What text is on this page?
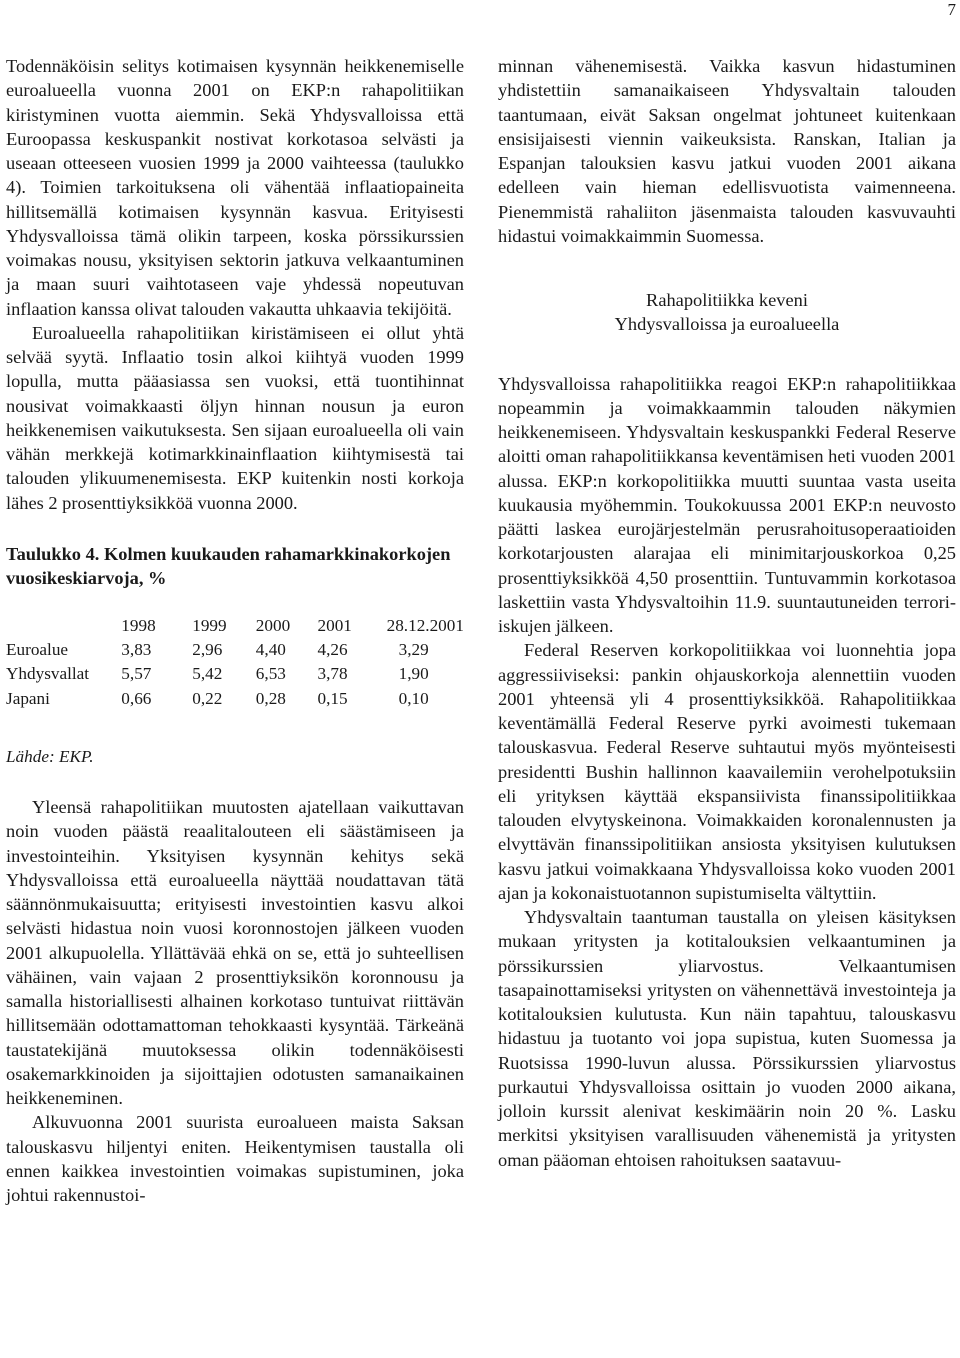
7

Todennäköisin selitys kotimaisen kysynnän heikkenemiselle euroalueella vuonna 2001 on EKP:n rahapolitiikan kiristyminen vuotta aiemmin. Sekä Yhdysvalloissa että Euroopassa keskuspankit nostivat korkotasoa selvästi ja useaan otteeseen vuosien 1999 ja 2000 vaihteessa (taulukko 4). Toimien tarkoituksena oli vähentää inflaatiopaineita hillitsemällä kotimaisen kysynnän kasvua. Erityisesti Yhdysvalloissa tämä olikin tarpeen, koska pörssikurssien voimakas nousu, yksityisen sektorin jatkuva velkaantuminen ja maan suuri vaihtotaseen vaje yhdessä nopeutuvan inflaation kanssa olivat talouden vakautta uhkaavia tekijöitä.

Euroalueella rahapolitiikan kiristämiseen ei ollut yhtä selvää syytä. Inflaatio tosin alkoi kiihtyä vuoden 1999 lopulla, mutta pääasiassa sen vuoksi, että tuontihinnat nousivat voimakkaasti öljyn hinnan nousun ja euron heikkenemisen vaikutuksesta. Sen sijaan euroalueella oli vain vähän merkkejä kotimarkkinainflaation kiihtymisestä tai talouden ylikuumenemisesta. EKP kuitenkin nosti korkoja lähes 2 prosenttiyksikköä vuonna 2000.

Taulukko 4. Kolmen kuukauden rahamarkkinakorkojen vuosikeskiarvoja, %

	1998	1999	2000	2001	28.12.2001
Euroalue	3,83	2,96	4,40	4,26	3,29
Yhdysvallat	5,57	5,42	6,53	3,78	1,90
Japani	0,66	0,22	0,28	0,15	0,10

Lähde: EKP.

Yleensä rahapolitiikan muutosten ajatellaan vaikuttavan noin vuoden päästä reaalitalouteen eli säästämiseen ja investointeihin. Yksityisen kysynnän kehitys sekä Yhdysvalloissa että euroalueella näyttää noudattavan tätä säännönmukaisuutta; erityisesti investointien kasvu alkoi selvästi hidastua noin vuosi koronnostojen jälkeen vuoden 2001 alkupuolella. Yllättävää ehkä on se, että jo suhteellisen vähäinen, vain vajaan 2 prosenttiyksikön koronnousu ja samalla historiallisesti alhainen korkotaso tuntuivat riittävän hillitsemään odottamattoman tehokkaasti kysyntää. Tärkeänä taustatekijänä muutoksessa olikin todennäköisesti osakemarkkinoiden ja sijoittajien odotusten samanaikainen heikkeneminen.

Alkuvuonna 2001 suurista euroalueen maista Saksan talouskasvu hiljentyi eniten. Heikentymisen taustalla oli ennen kaikkea investointien voimakas supistuminen, joka johtui rakennustoi-

minnan vähenemisestä. Vaikka kasvun hidastuminen yhdistettiin samanaikaiseen Yhdysvaltain talouden taantumaan, eivät Saksan ongelmat johtuneet kuitenkaan ensisijaisesti viennin vaikeuksista. Ranskan, Italian ja Espanjan talouksien kasvu jatkui vuoden 2001 aikana edelleen vain hieman edellisvuotista vaimenneena. Pienemmistä rahaliiton jäsenmaista talouden kasvuvauhti hidastui voimakkaimmin Suomessa.

Rahapolitiikka keveni
Yhdysvalloissa ja euroalueella

Yhdysvalloissa rahapolitiikka reagoi EKP:n rahapolitiikkaa nopeammin ja voimakkaammin talouden näkymien heikkenemiseen. Yhdysvaltain keskuspankki Federal Reserve aloitti oman rahapolitiikkansa keventämisen heti vuoden 2001 alussa. EKP:n korkopolitiikka muutti suuntaa vasta useita kuukausia myöhemmin. Toukokuussa 2001 EKP:n neuvosto päätti laskea eurojärjestelmän perusrahoitusoperaatioiden korkotarjousten alarajaa eli minimitarjouskorkoa 0,25 prosenttiyksikköä 4,50 prosenttiin. Tuntuvammin korkotasoa laskettiin vasta Yhdysvaltoihin 11.9. suuntautuneiden terrori-iskujen jälkeen.

Federal Reserven korkopolitiikkaa voi luonnehtia jopa aggressiiviseksi: pankin ohjauskorkoja alennettiin vuoden 2001 yhteensä yli 4 prosenttiyksikköä. Rahapolitiikkaa keventämällä Federal Reserve pyrki avoimesti tukemaan talouskasvua. Federal Reserve suhtautui myös myönteisesti presidentti Bushin hallinnon kaavailemiin verohelpotuksiin eli yrityksen käyttää ekspansiivista finanssipolitiikkaa talouden elvytyskeinona. Voimakkaiden koronalennusten ja elvyttävän finanssipolitiikan ansiosta yksityisen kulutuksen kasvu jatkui voimakkaana Yhdysvalloissa koko vuoden 2001 ajan ja kokonaistuotannon supistumiselta vältyttiin.

Yhdysvaltain taantuman taustalla on yleisen käsityksen mukaan yritysten ja kotitalouksien velkaantuminen ja pörssikurssien yliarvostus. Velkaantumisen tasapainottamiseksi yritysten on vähennettävä investointeja ja kotitalouksien kulutusta. Kun näin tapahtuu, talouskasvu hidastuu ja tuotanto voi jopa supistua, kuten Suomessa ja Ruotsissa 1990-luvun alussa. Pörssikurssien yliarvostus purkautui Yhdysvalloissa osittain jo vuoden 2000 aikana, jolloin kurssit alenivat keskimäärin noin 20 %. Lasku merkitsi yksityisen varallisuuden vähenemistä ja yritysten oman pääoman ehtoisen rahoituksen saatavuu-
